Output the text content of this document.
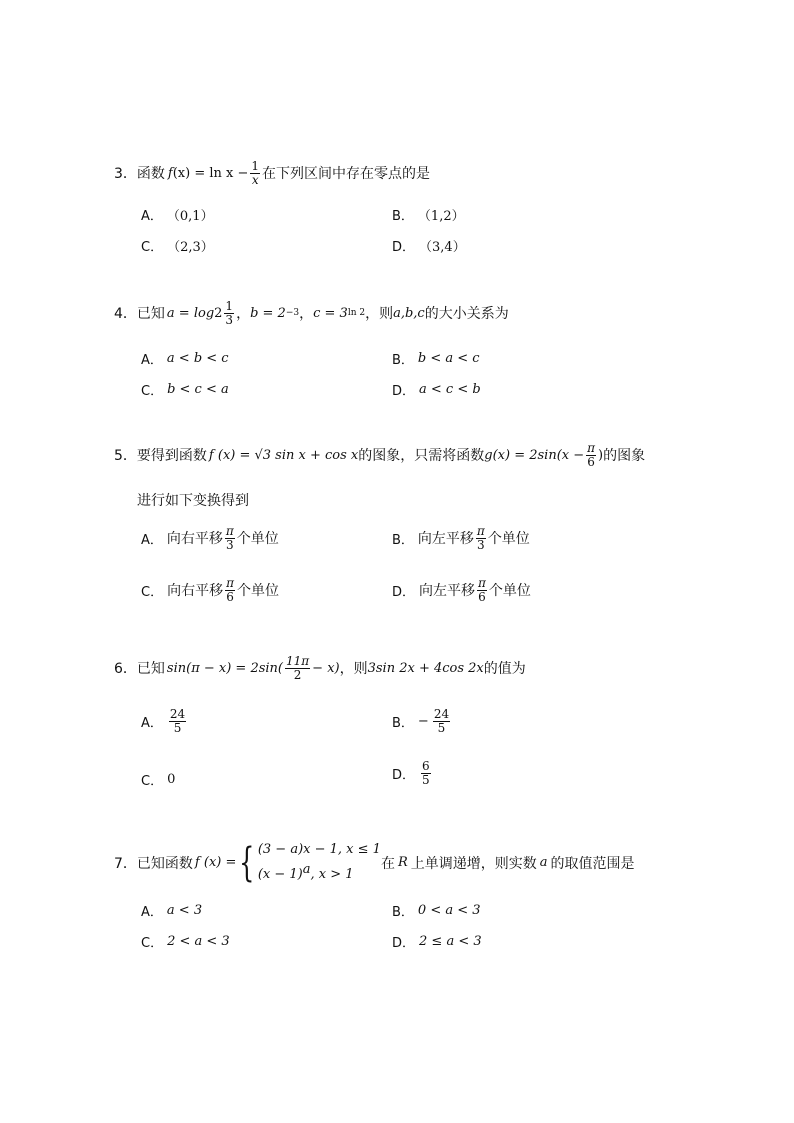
3． 函数 f $(x) = \ln x - \frac{1}{x}$ 在下列区间中存在零点的是
A． （0,1）	B． （1,2）
C． （2,3）	D． （3,4）
4． 已知 $a = \log 2 \frac{1}{3}$ ， b = 2 −3 ， c = 3 ln 2 ，则 a,b,c 的大小关系为
A． a < b < c	B． b < a < c
C． b < c < a	D． a < c < b
5． 要得到函数 f (x) = √3 sin x + cos x 的图象，只需将函数 $g(x) = 2\sin(x - \frac{\pi}{6}$ ) 的图象
进行如下变换得到
A． 向右平移 $\frac{\pi}{3}$ 个单位	B． 向左平移 $\frac{\pi}{3}$ 个单位
C． 向右平移 $\frac{\pi}{6}$ 个单位	D． 向左平移 $\frac{\pi}{6}$ 个单位
6． 已知 $\sin(\pi - x) = 2\sin( \frac{11\pi}{2} - x)$ ，则 3sin 2x + 4cos 2x 的值为
A． $\frac{24}{5}$	B． − $\frac{24}{5}$
C． 0	D． $\frac{6}{5}$
7． 已知函数 f (x) = { (3 − a)x − 1, x ≤ 1
$(x - 1)^a$, x > 1
在 R 上单调递增，则实数 a 的取值范围是
A． a < 3	B． 0 < a < 3
C． 2 < a < 3	D． 2 ≤ a < 3
